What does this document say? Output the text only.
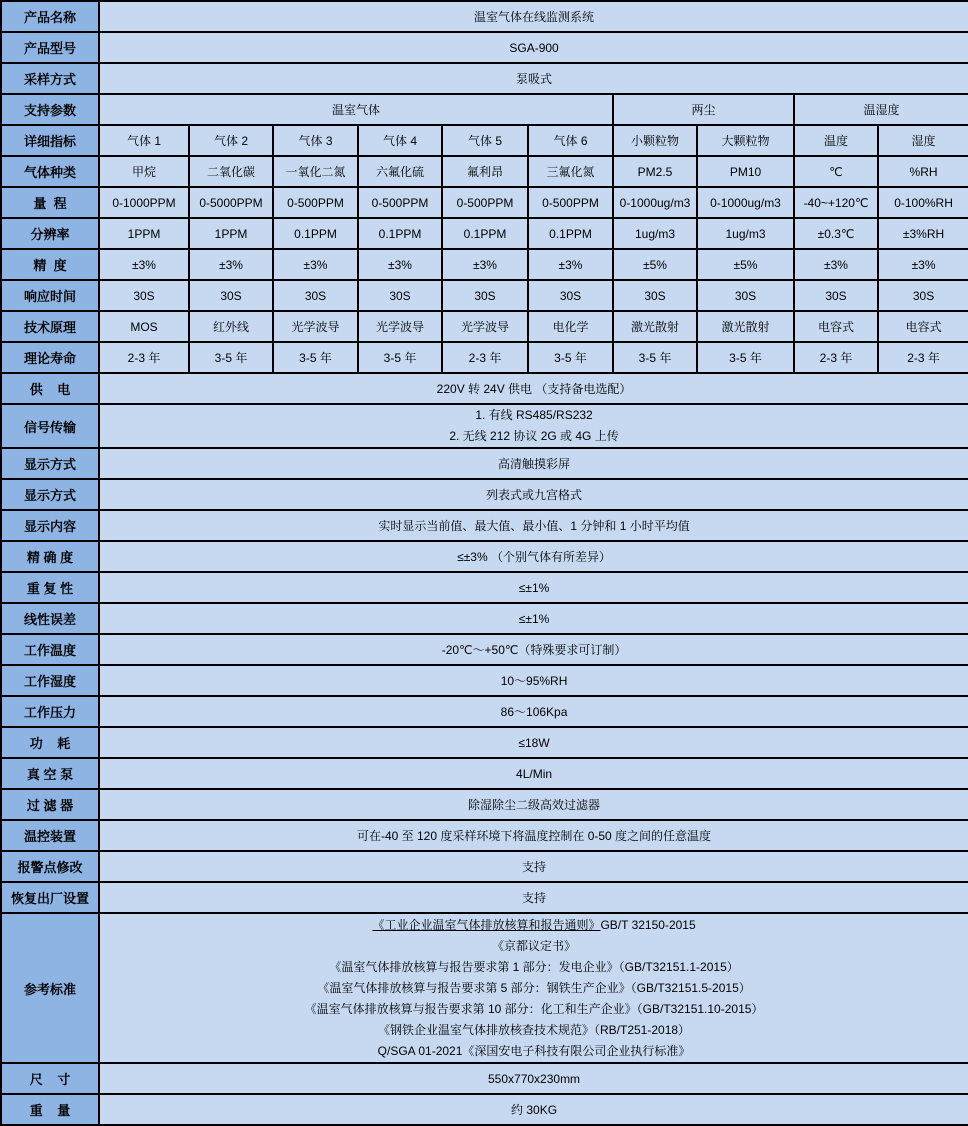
产品名称	温室气体在线监测系统									
产品型号	SGA-900									
采样方式	泵吸式									
支持参数	温室气体						两尘		温湿度	
详细指标	气体 1	气体 2	气体 3	气体 4	气体 5	气体 6	小颗粒物	大颗粒物	温度	湿度
气体种类	甲烷	二氧化碳	一氧化二氮	六氟化硫	氟利昂	三氟化氮	PM2.5	PM10	℃	%RH
量  程	0-1000PPM	0-5000PPM	0-500PPM	0-500PPM	0-500PPM	0-500PPM	0-1000ug/m3	0-1000ug/m3	-40~+120℃	0-100%RH
分辨率	1PPM	1PPM	0.1PPM	0.1PPM	0.1PPM	0.1PPM	1ug/m3	1ug/m3	±0.3℃	±3%RH
精  度	±3%	±3%	±3%	±3%	±3%	±3%	±5%	±5%	±3%	±3%
响应时间	30S	30S	30S	30S	30S	30S	30S	30S	30S	30S
技术原理	MOS	红外线	光学波导	光学波导	光学波导	电化学	激光散射	激光散射	电容式	电容式
理论寿命	2-3 年	3-5 年	3-5 年	3-5 年	2-3 年	3-5 年	3-5 年	3-5 年	2-3 年	2-3 年
供    电	220V 转 24V 供电 （支持备电选配）									
信号传输	1. 有线 RS485/RS232
2. 无线 212 协议 2G 或 4G 上传									

显示方式	高清触摸彩屏									
显示方式	列表式或九宫格式									
显示内容	实时显示当前值、最大值、最小值、1 分钟和 1 小时平均值									
精 确 度	≤±3% （个别气体有所差异）									
重 复 性	≤±1%									
线性误差	≤±1%									
工作温度	-20℃～+50℃（特殊要求可订制）									
工作湿度	10～95%RH									
工作压力	86～106Kpa									
功    耗	≤18W									
真 空 泵	4L/Min									
过 滤 器	除湿除尘二级高效过滤器									
温控装置	可在-40 至 120 度采样环境下将温度控制在 0-50 度之间的任意温度									
报警点修改	支持									
恢复出厂设置	支持									
参考标准	
《工业企业温室气体排放核算和报告通则》GB/T 32150-2015
《京都议定书》
《温室气体排放核算与报告要求第 1 部分：发电企业》（GB/T32151.1-2015）
《温室气体排放核算与报告要求第 5 部分：钢铁生产企业》（GB/T32151.5-2015）
《温室气体排放核算与报告要求第 10 部分：化工和生产企业》（GB/T32151.10-2015）
《钢铁企业温室气体排放核查技术规范》（RB/T251-2018）
Q/SGA 01-2021《深国安电子科技有限公司企业执行标准》

尺    寸	550x770x230mm									
重    量	约 30KG									
